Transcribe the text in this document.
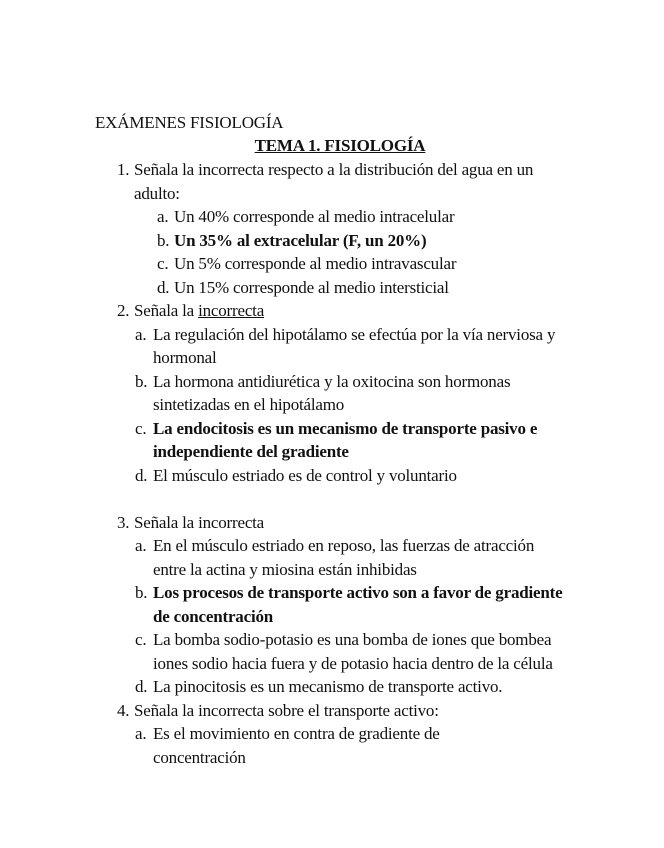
EXÁMENES FISIOLOGÍA
TEMA 1. FISIOLOGÍA
1. Señala la incorrecta respecto a la distribución del agua en un adulto:
a. Un 40% corresponde al medio intracelular
b. Un 35% al extracelular (F, un 20%)
c. Un 5% corresponde al medio intravascular
d. Un 15% corresponde al medio intersticial
2. Señala la incorrecta
a. La regulación del hipotálamo se efectúa por la vía nerviosa y hormonal
b. La hormona antidiurética y la oxitocina son hormonas sintetizadas en el hipotálamo
c. La endocitosis es un mecanismo de transporte pasivo e independiente del gradiente
d. El músculo estriado es de control y voluntario
3. Señala la incorrecta
a. En el músculo estriado en reposo, las fuerzas de atracción entre la actina y miosina están inhibidas
b. Los procesos de transporte activo son a favor de gradiente de concentración
c. La bomba sodio-potasio es una bomba de iones que bombea iones sodio hacia fuera y de potasio hacia dentro de la célula
d. La pinocitosis es un mecanismo de transporte activo.
4. Señala la incorrecta sobre el transporte activo:
a. Es el movimiento en contra de gradiente de concentración
